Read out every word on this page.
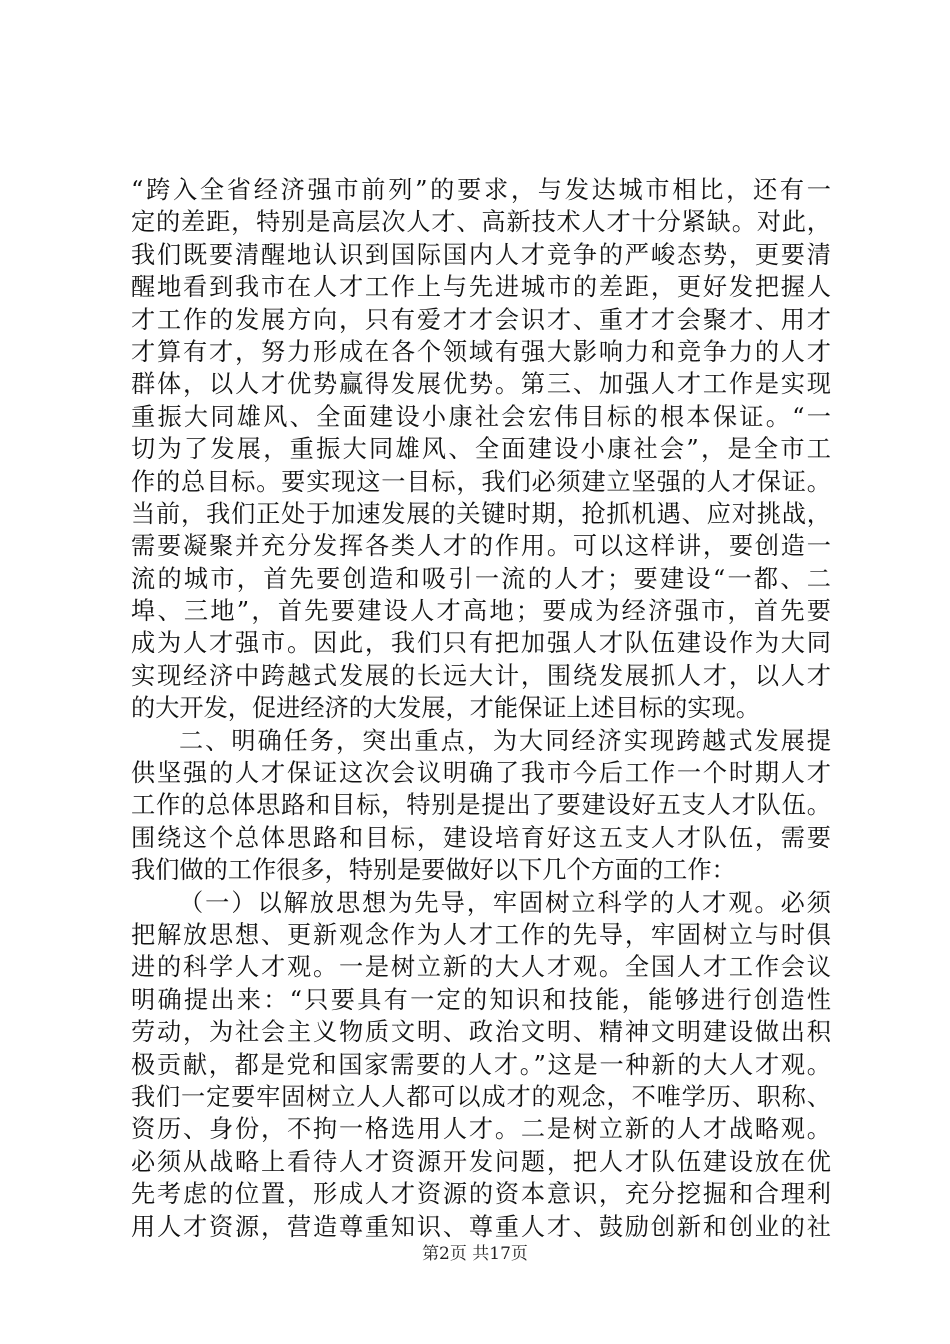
“跨入全省经济强市前列”的要求，与发达城市相比，还有一
定的差距，特别是高层次人才、高新技术人才十分紧缺。对此，
我们既要清醒地认识到国际国内人才竞争的严峻态势，更要清
醒地看到我市在人才工作上与先进城市的差距，更好发把握人
才工作的发展方向，只有爱才才会识才、重才才会聚才、用才
才算有才，努力形成在各个领域有强大影响力和竞争力的人才
群体，以人才优势赢得发展优势。第三、加强人才工作是实现
重振大同雄风、全面建设小康社会宏伟目标的根本保证。“一
切为了发展，重振大同雄风、全面建设小康社会”，是全市工
作的总目标。要实现这一目标，我们必须建立坚强的人才保证。
当前，我们正处于加速发展的关键时期，抢抓机遇、应对挑战，
需要凝聚并充分发挥各类人才的作用。可以这样讲，要创造一
流的城市，首先要创造和吸引一流的人才；要建设“一都、二
埠、三地”，首先要建设人才高地；要成为经济强市，首先要
成为人才强市。因此，我们只有把加强人才队伍建设作为大同
实现经济中跨越式发展的长远大计，围绕发展抓人才，以人才
的大开发，促进经济的大发展，才能保证上述目标的实现。
二、明确任务，突出重点，为大同经济实现跨越式发展提
供坚强的人才保证这次会议明确了我市今后工作一个时期人才
工作的总体思路和目标，特别是提出了要建设好五支人才队伍。
围绕这个总体思路和目标，建设培育好这五支人才队伍，需要
我们做的工作很多，特别是要做好以下几个方面的工作：
（一）以解放思想为先导，牢固树立科学的人才观。必须
把解放思想、更新观念作为人才工作的先导，牢固树立与时俱
进的科学人才观。一是树立新的大人才观。全国人才工作会议
明确提出来：“只要具有一定的知识和技能，能够进行创造性
劳动，为社会主义物质文明、政治文明、精神文明建设做出积
极贡献，都是党和国家需要的人才。”这是一种新的大人才观。
我们一定要牢固树立人人都可以成才的观念，不唯学历、职称、
资历、身份，不拘一格选用人才。二是树立新的人才战略观。
必须从战略上看待人才资源开发问题，把人才队伍建设放在优
先考虑的位置，形成人才资源的资本意识，充分挖掘和合理利
用人才资源，营造尊重知识、尊重人才、鼓励创新和创业的社
第2页 共17页
